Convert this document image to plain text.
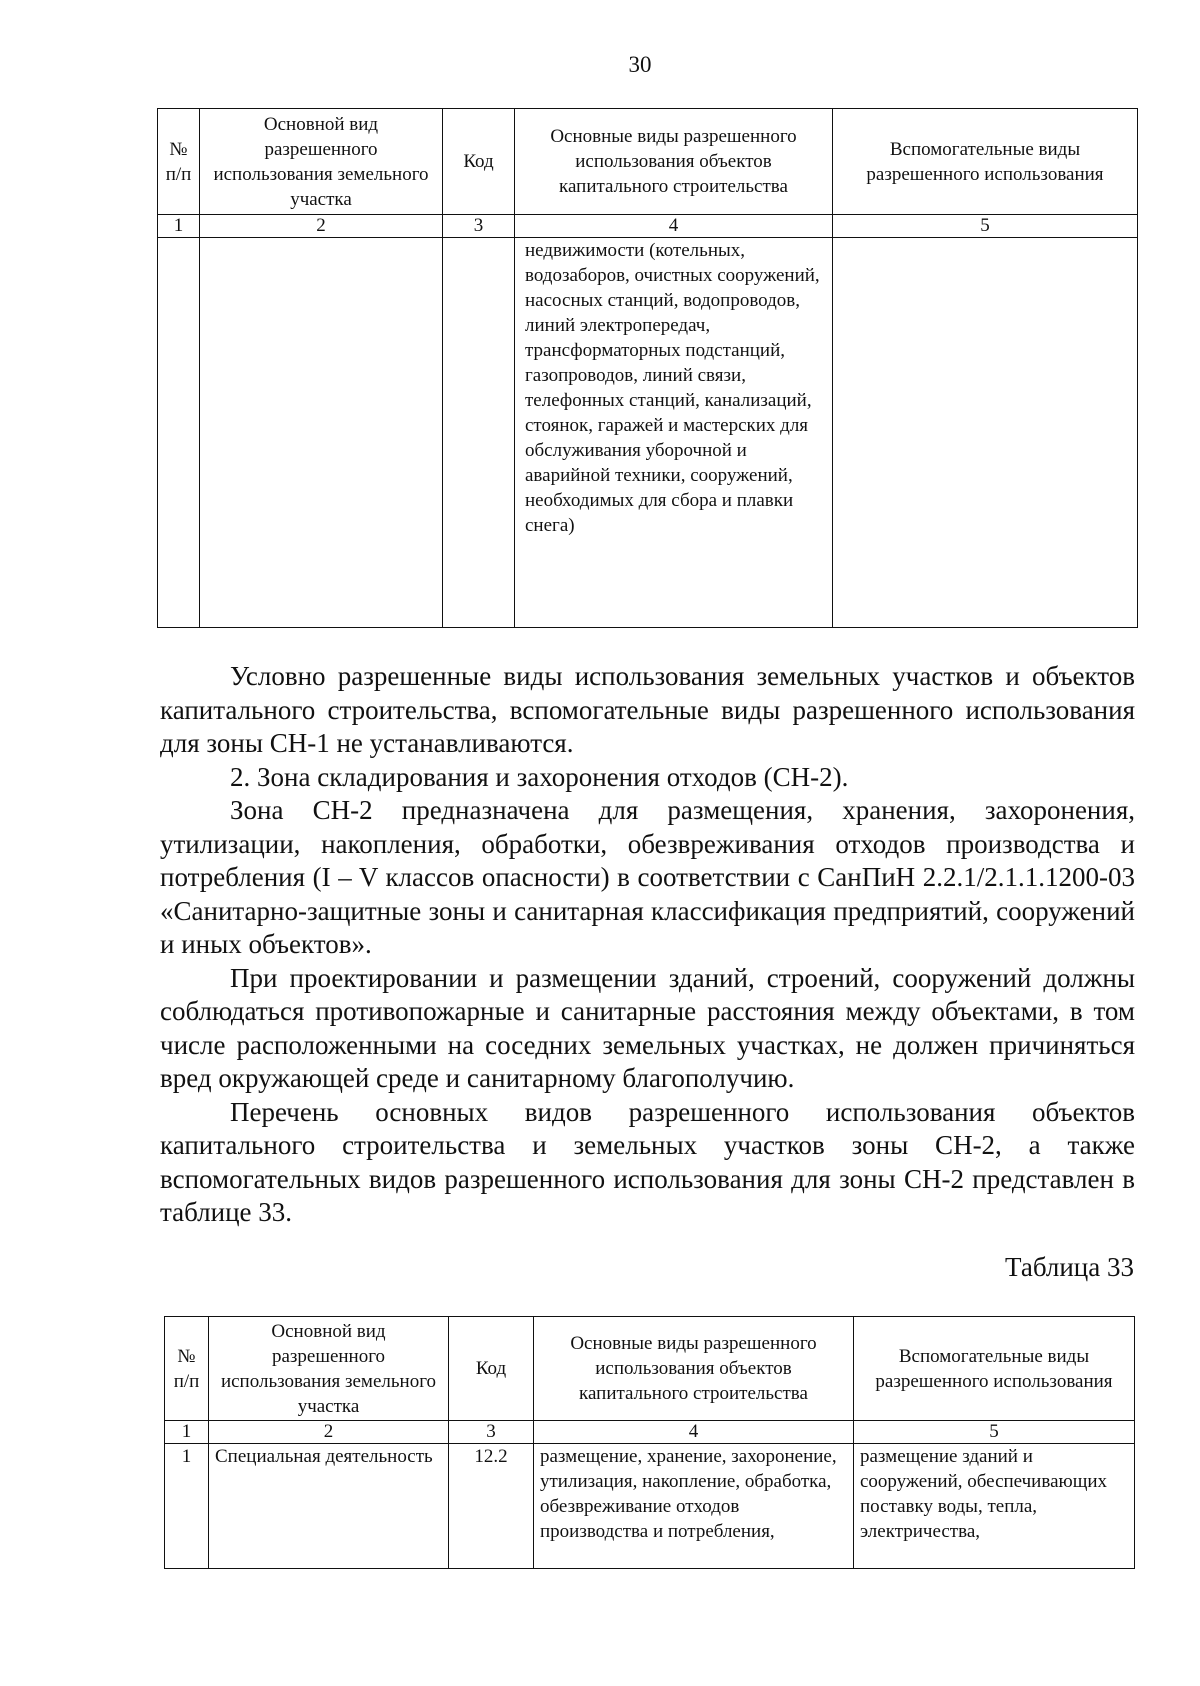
30
№ п/п	Основной вид разрешенного использования земельного участка	Код	Основные виды разрешенного использования объектов капитального строительства	Вспомогательные виды разрешенного использования
1	2	3	4	5
			недвижимости (котельных, водозаборов, очистных сооружений, насосных станций, водопроводов, линий электропередач, трансформаторных подстанций, газопроводов, линий связи, телефонных станций, канализаций, стоянок, гаражей и мастерских для обслуживания уборочной и аварийной техники, сооружений, необходимых для сбора и плавки снега)	

Условно разрешенные виды использования земельных участков и объектов капитального строительства, вспомогательные виды разрешенного использования для зоны СН-1 не устанавливаются.

2. Зона складирования и захоронения отходов (СН-2).

Зона СН-2 предназначена для размещения, хранения, захоронения, утилизации, накопления, обработки, обезвреживания отходов производства и потребления (I – V классов опасности) в соответствии с СанПиН 2.2.1/2.1.1.1200-03 «Санитарно-защитные зоны и санитарная классификация предприятий, сооружений и иных объектов».

При проектировании и размещении зданий, строений, сооружений должны соблюдаться противопожарные и санитарные расстояния между объектами, в том числе расположенными на соседних земельных участках, не должен причиняться вред окружающей среде и санитарному благополучию.

Перечень основных видов разрешенного использования объектов капитального строительства и земельных участков зоны СН-2, а также вспомогательных видов разрешенного использования для зоны СН-2 представлен в таблице 33.

Таблица 33
№ п/п	Основной вид разрешенного использования земельного участка	Код	Основные виды разрешенного использования объектов капитального строительства	Вспомогательные виды разрешенного использования
1	2	3	4	5
1	Специальная деятельность	12.2	размещение, хранение, захоронение, утилизация, накопление, обработка, обезвреживание отходов производства и потребления,	размещение зданий и сооружений, обеспечивающих поставку воды, тепла, электричества,
